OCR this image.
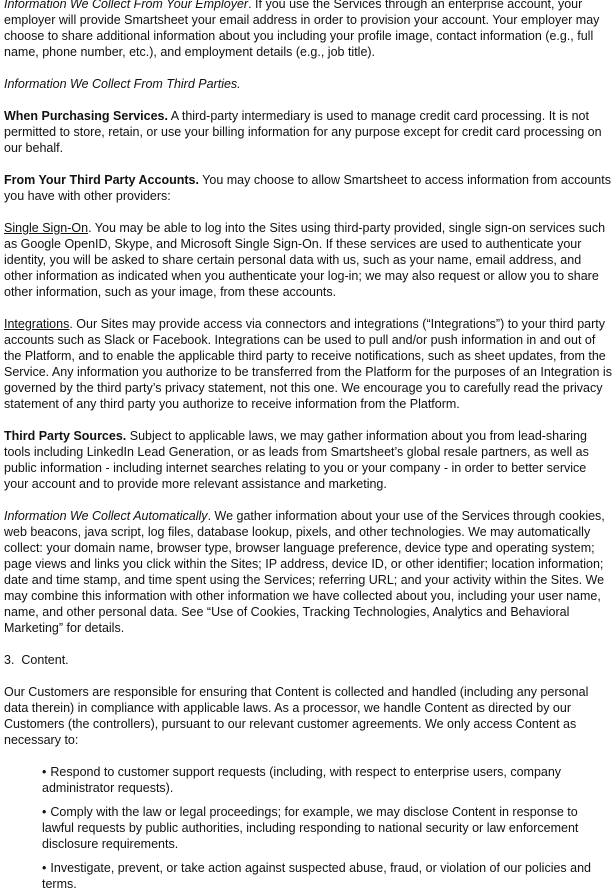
Information We Collect From Your Employer. If you use the Services through an enterprise account, your employer will provide Smartsheet your email address in order to provision your account. Your employer may choose to share additional information about you including your profile image, contact information (e.g., full name, phone number, etc.), and employment details (e.g., job title).

Information We Collect From Third Parties.

When Purchasing Services. A third-party intermediary is used to manage credit card processing. It is not permitted to store, retain, or use your billing information for any purpose except for credit card processing on our behalf.

From Your Third Party Accounts. You may choose to allow Smartsheet to access information from accounts you have with other providers:

Single Sign-On. You may be able to log into the Sites using third-party provided, single sign-on services such as Google OpenID, Skype, and Microsoft Single Sign-On. If these services are used to authenticate your identity, you will be asked to share certain personal data with us, such as your name, email address, and other information as indicated when you authenticate your log-in; we may also request or allow you to share other information, such as your image, from these accounts.

Integrations. Our Sites may provide access via connectors and integrations (“Integrations”) to your third party accounts such as Slack or Facebook. Integrations can be used to pull and/or push information in and out of the Platform, and to enable the applicable third party to receive notifications, such as sheet updates, from the Service. Any information you authorize to be transferred from the Platform for the purposes of an Integration is governed by the third party’s privacy statement, not this one. We encourage you to carefully read the privacy statement of any third party you authorize to receive information from the Platform.

Third Party Sources. Subject to applicable laws, we may gather information about you from lead-sharing tools including LinkedIn Lead Generation, or as leads from Smartsheet’s global resale partners, as well as public information - including internet searches relating to you or your company - in order to better service your account and to provide more relevant assistance and marketing.

Information We Collect Automatically. We gather information about your use of the Services through cookies, web beacons, java script, log files, database lookup, pixels, and other technologies. We may automatically collect: your domain name, browser type, browser language preference, device type and operating system; page views and links you click within the Sites; IP address, device ID, or other identifier; location information; date and time stamp, and time spent using the Services; referring URL; and your activity within the Sites. We may combine this information with other information we have collected about you, including your user name, name, and other personal data. See “Use of Cookies, Tracking Technologies, Analytics and Behavioral Marketing” for details.

3. Content.

Our Customers are responsible for ensuring that Content is collected and handled (including any personal data therein) in compliance with applicable laws. As a processor, we handle Content as directed by our Customers (the controllers), pursuant to our relevant customer agreements. We only access Content as necessary to:

• Respond to customer support requests (including, with respect to enterprise users, company administrator requests).
• Comply with the law or legal proceedings; for example, we may disclose Content in response to lawful requests by public authorities, including responding to national security or law enforcement disclosure requirements.
• Investigate, prevent, or take action against suspected abuse, fraud, or violation of our policies and terms.
